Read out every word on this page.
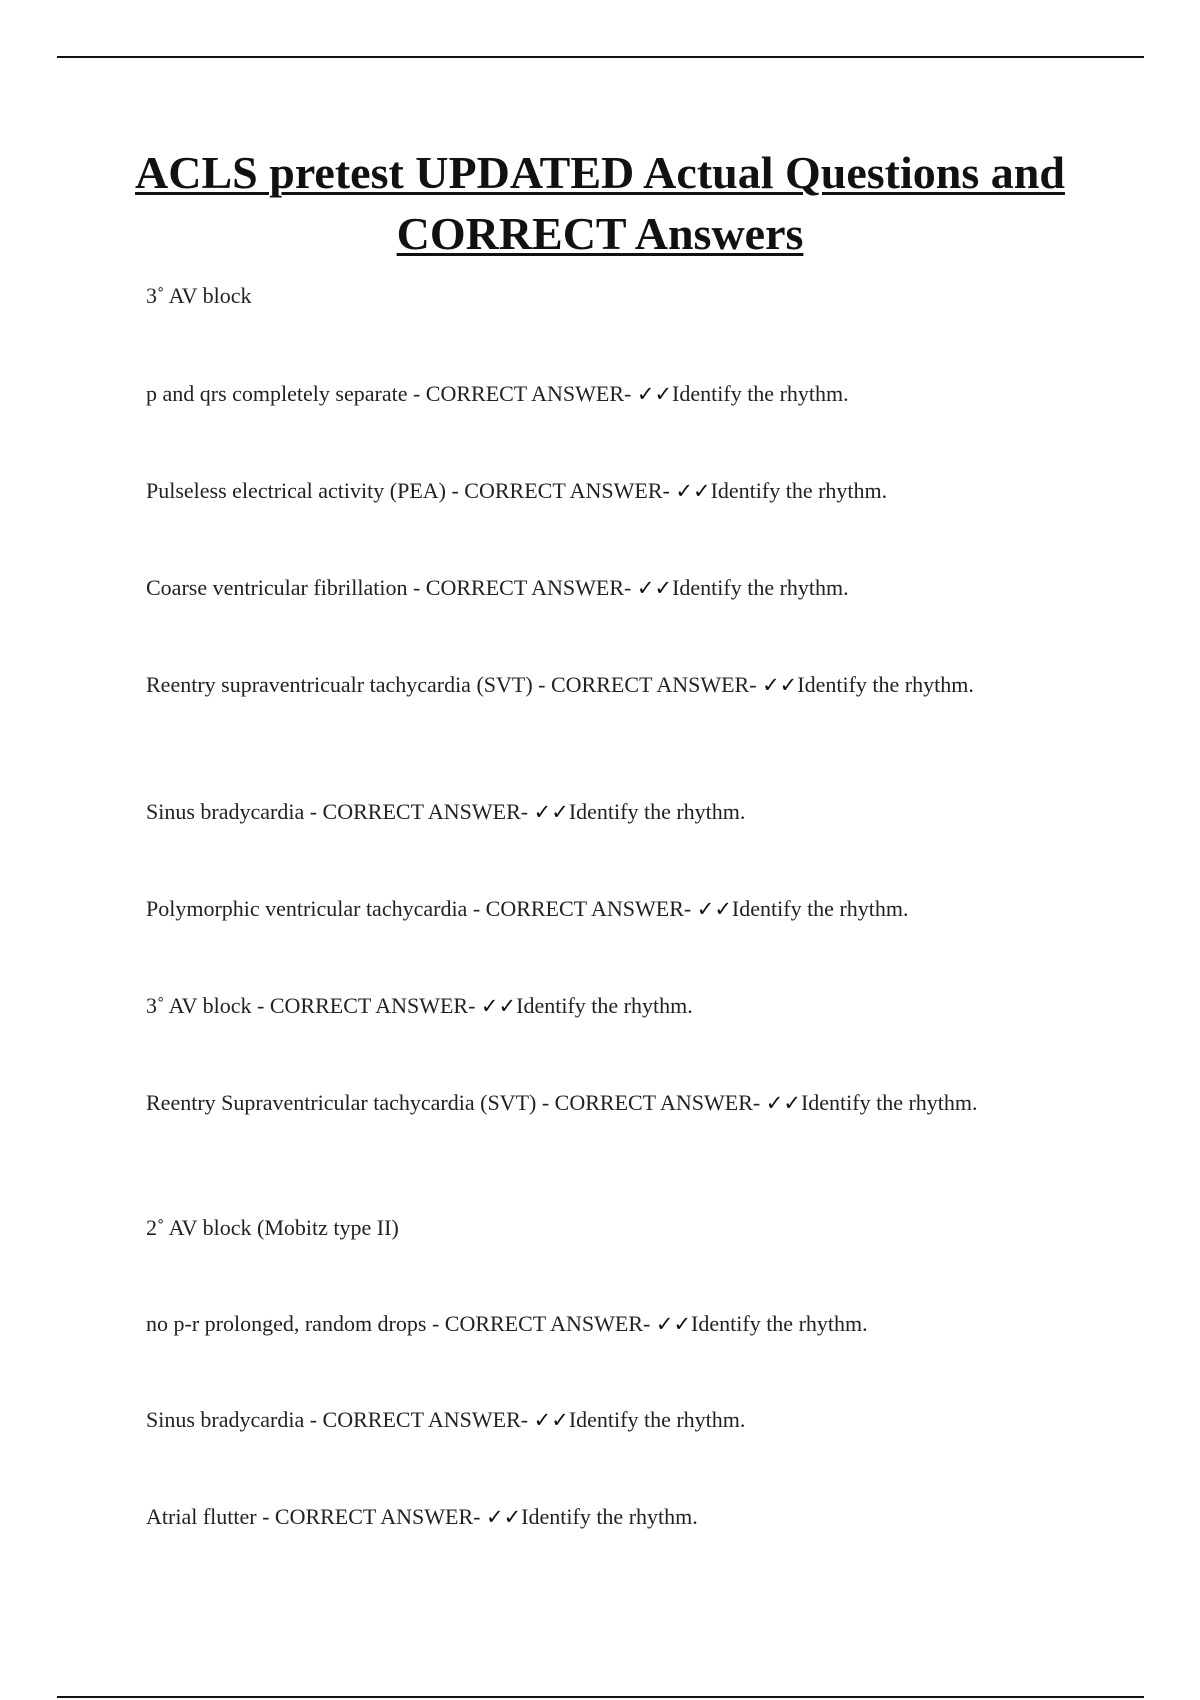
ACLS pretest UPDATED Actual Questions and CORRECT Answers

3˚ AV block

p and qrs completely separate - CORRECT ANSWER- ✓✓Identify the rhythm.

Pulseless electrical activity (PEA) - CORRECT ANSWER- ✓✓Identify the rhythm.

Coarse ventricular fibrillation - CORRECT ANSWER- ✓✓Identify the rhythm.

Reentry supraventricualr tachycardia (SVT) - CORRECT ANSWER- ✓✓Identify the rhythm.

Sinus bradycardia - CORRECT ANSWER- ✓✓Identify the rhythm.

Polymorphic ventricular tachycardia - CORRECT ANSWER- ✓✓Identify the rhythm.

3˚ AV block - CORRECT ANSWER- ✓✓Identify the rhythm.

Reentry Supraventricular tachycardia (SVT) - CORRECT ANSWER- ✓✓Identify the rhythm.

2˚ AV block (Mobitz type II)

no p-r prolonged, random drops - CORRECT ANSWER- ✓✓Identify the rhythm.

Sinus bradycardia - CORRECT ANSWER- ✓✓Identify the rhythm.

Atrial flutter - CORRECT ANSWER- ✓✓Identify the rhythm.
